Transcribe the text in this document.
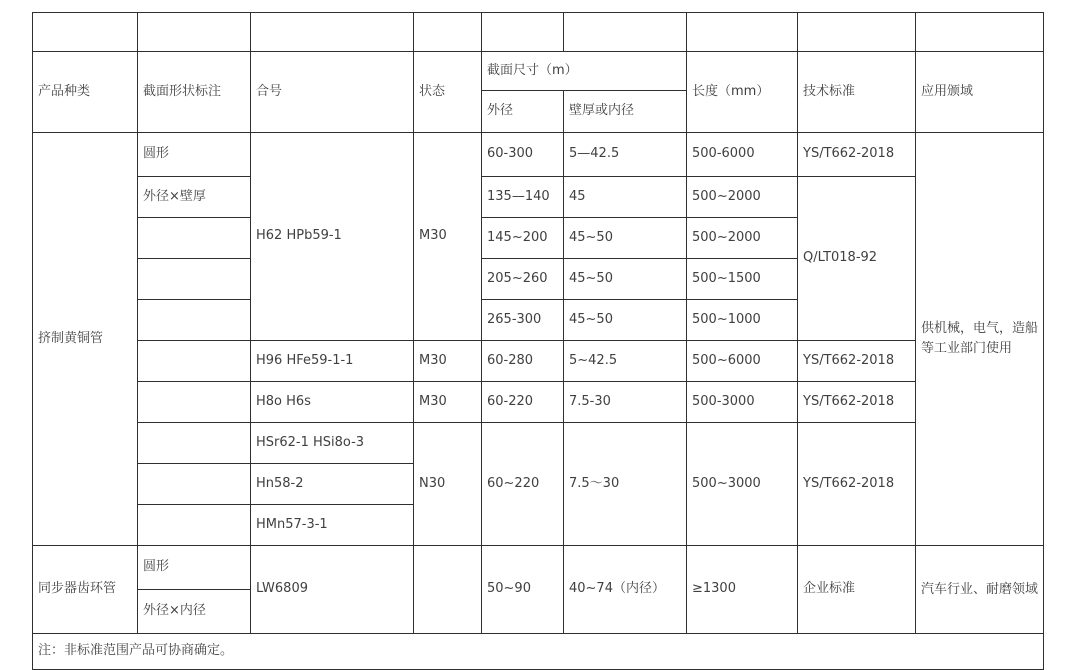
产品种类	截面形状标注	合号	状态	截面尺寸（m）		长度（mm）	技术标准	应用颁域
				外径	壁厚或内径			
挤制黄铜管	圆形	H62 HPb59-1	M30	60-300	5—42.5	500-6000	YS/T662-2018	供机械，电气，造船
等工业部门使用

	外径×壁厚			135—140	45	500~2000	Q/LT018-92	
				145~200	45~50	500~2000		
				205~260	45~50	500~1500		
				265-300	45~50	500~1000		
		H96 HFe59-1-1	M30	60-280	5~42.5	500~6000	YS/T662-2018	
		H8o H6s	M30	60-220	7.5-30	500-3000	YS/T662-2018	
		HSr62-1 HSi8o-3	N30	60~220	7.5～30	500~3000	YS/T662-2018	
		Hn58-2						
		HMn57-3-1						
同步器齿环管	圆形	LW6809		50~90	40~74（内径）	≥1300	企业标准	汽车行业、耐磨领域

	外径×内径							
注：非标准范围产品可协商确定。								
